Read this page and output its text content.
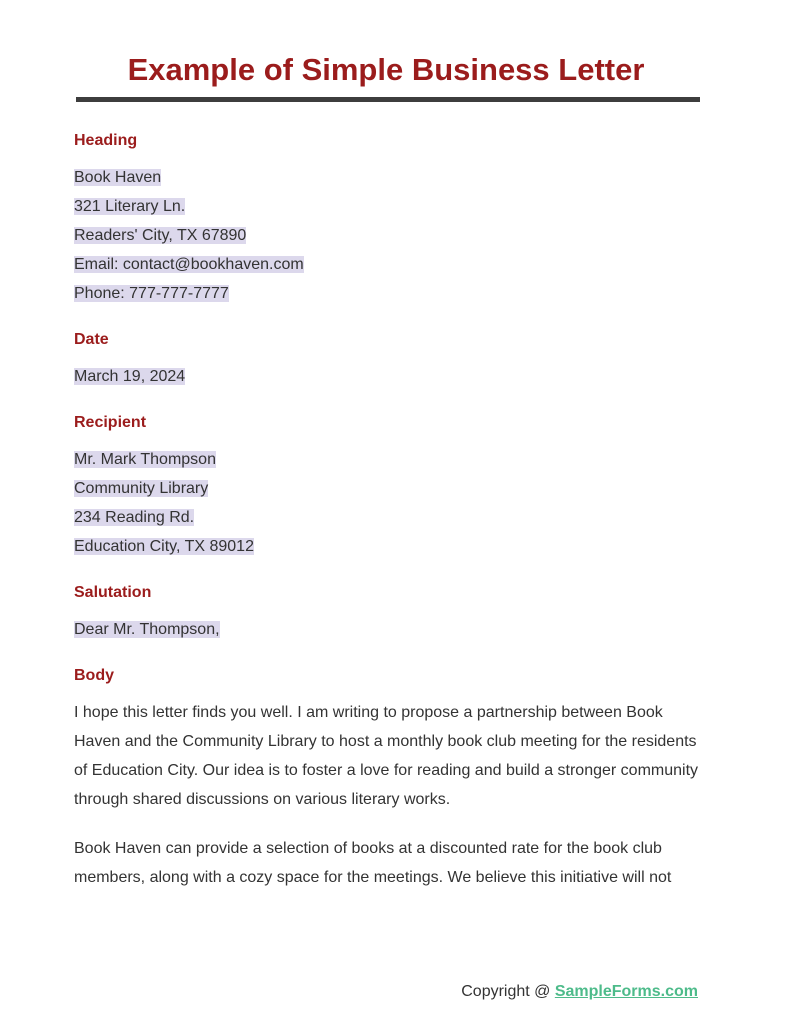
Example of Simple Business Letter
Heading
Book Haven
321 Literary Ln.
Readers' City, TX 67890
Email: contact@bookhaven.com
Phone: 777-777-7777
Date
March 19, 2024
Recipient
Mr. Mark Thompson
Community Library
234 Reading Rd.
Education City, TX 89012
Salutation
Dear Mr. Thompson,
Body

I hope this letter finds you well. I am writing to propose a partnership between Book Haven and the Community Library to host a monthly book club meeting for the residents of Education City. Our idea is to foster a love for reading and build a stronger community through shared discussions on various literary works.

Book Haven can provide a selection of books at a discounted rate for the book club members, along with a cozy space for the meetings. We believe this initiative will not

Copyright @ SampleForms.com
